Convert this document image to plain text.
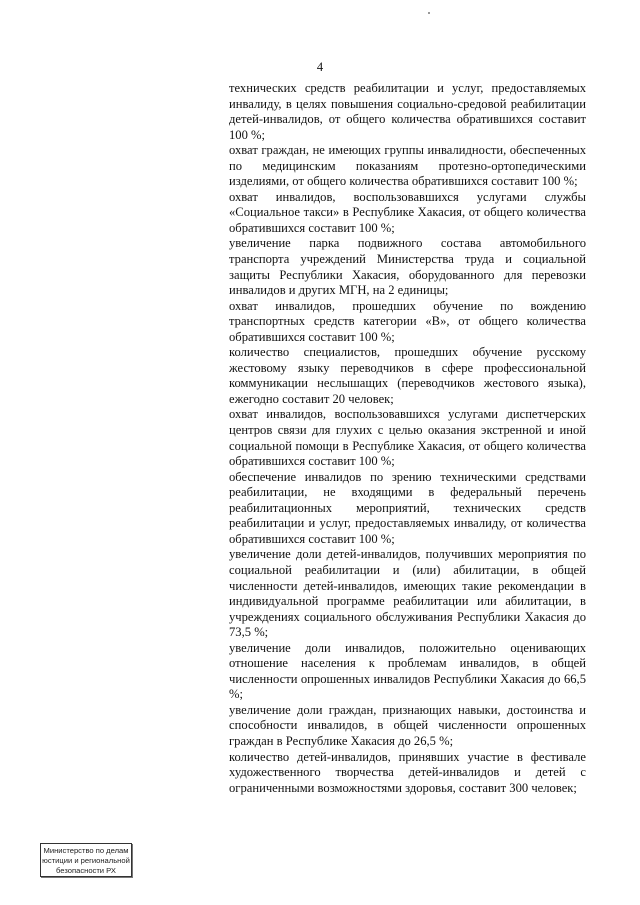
4

технических средств реабилитации и услуг, предоставляемых инвалиду, в целях повышения социально-средовой реабилитации детей-инвалидов, от общего количества обратившихся составит 100 %;

охват граждан, не имеющих группы инвалидности, обеспеченных по медицинским показаниям протезно-ортопедическими изделиями, от общего количества обратившихся составит 100 %;

охват инвалидов, воспользовавшихся услугами службы «Социальное такси» в Республике Хакасия, от общего количества обратившихся составит 100 %;

увеличение парка подвижного состава автомобильного транспорта учреждений Министерства труда и социальной защиты Республики Хакасия, оборудованного для перевозки инвалидов и других МГН, на 2 единицы;

охват инвалидов, прошедших обучение по вождению транспортных средств категории «В», от общего количества обратившихся составит 100 %;

количество специалистов, прошедших обучение русскому жестовому языку переводчиков в сфере профессиональной коммуникации неслышащих (переводчиков жестового языка), ежегодно составит 20 человек;

охват инвалидов, воспользовавшихся услугами диспетчерских центров связи для глухих с целью оказания экстренной и иной социальной помощи в Республике Хакасия, от общего количества обратившихся составит 100 %;

обеспечение инвалидов по зрению техническими средствами реабилитации, не входящими в федеральный перечень реабилитационных мероприятий, технических средств реабилитации и услуг, предоставляемых инвалиду, от количества обратившихся составит 100 %;

увеличение доли детей-инвалидов, получивших мероприятия по социальной реабилитации и (или) абилитации, в общей численности детей-инвалидов, имеющих такие рекомендации в индивидуальной программе реабилитации или абилитации, в учреждениях социального обслуживания Республики Хакасия до 73,5 %;

увеличение доли инвалидов, положительно оценивающих отношение населения к проблемам инвалидов, в общей численности опрошенных инвалидов Республики Хакасия до 66,5 %;

увеличение доли граждан, признающих навыки, достоинства и способности инвалидов, в общей численности опрошенных граждан в Республике Хакасия до 26,5 %;

количество детей-инвалидов, принявших участие в фестивале художественного творчества детей-инвалидов и детей с ограниченными возможностями здоровья, составит 300 человек;

Министерство по делам
юстиции и региональной
безопасности РХ
